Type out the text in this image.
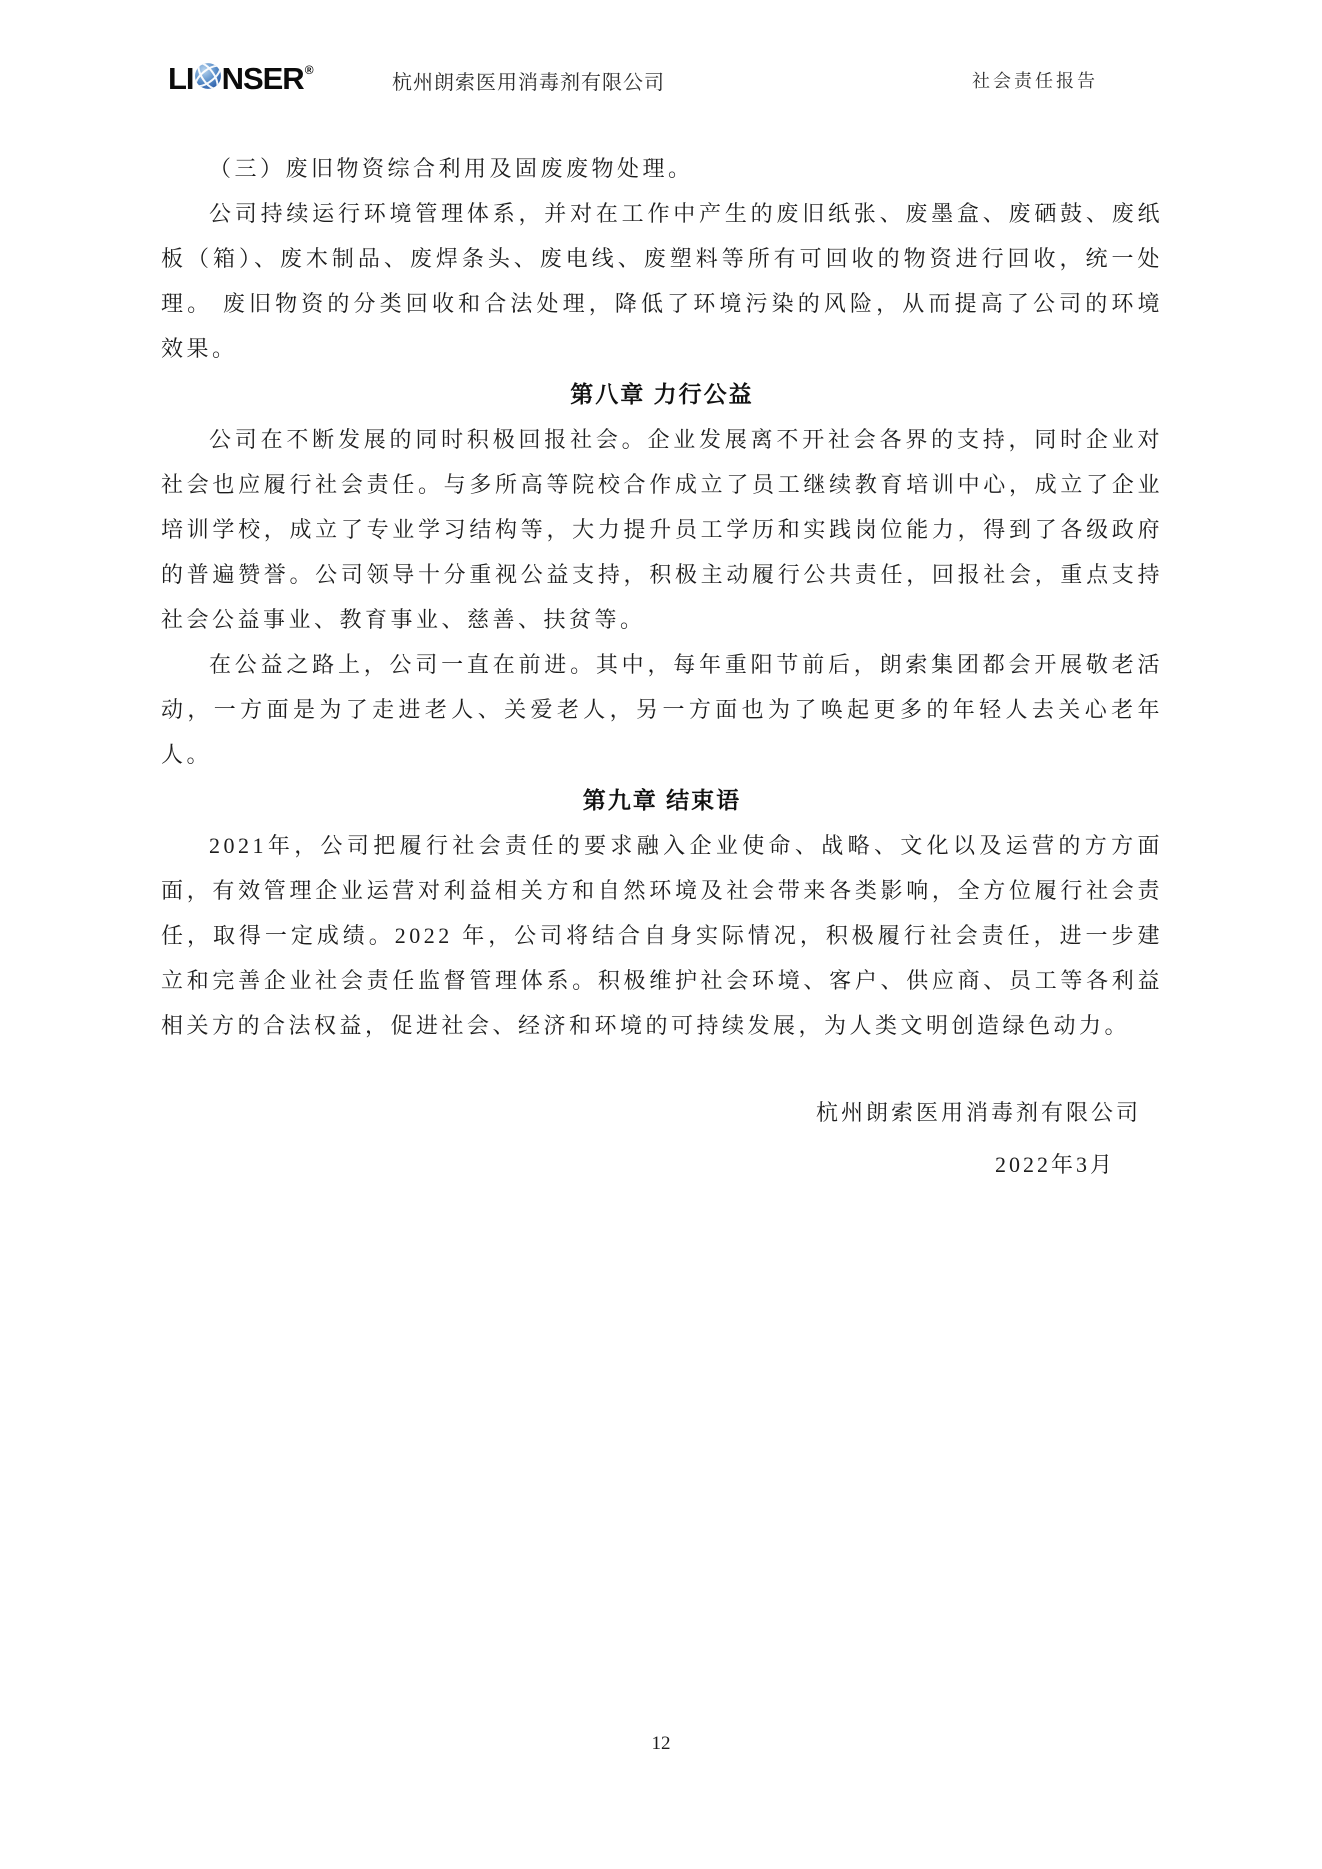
LI NSER ®
杭州朗索医用消毒剂有限公司	社会责任报告

（三）废旧物资综合利用及固废废物处理。

公司持续运行环境管理体系，并对在工作中产生的废旧纸张、废墨盒、废硒鼓、废纸板（箱）、废木制品、废焊条头、废电线、废塑料等所有可回收的物资进行回收，统一处理。 废旧物资的分类回收和合法处理，降低了环境污染的风险，从而提高了公司的环境效果。

第八章 力行公益

公司在不断发展的同时积极回报社会。企业发展离不开社会各界的支持，同时企业对社会也应履行社会责任。与多所高等院校合作成立了员工继续教育培训中心，成立了企业培训学校，成立了专业学习结构等，大力提升员工学历和实践岗位能力，得到了各级政府的普遍赞誉。公司领导十分重视公益支持，积极主动履行公共责任，回报社会，重点支持社会公益事业、教育事业、慈善、扶贫等。

在公益之路上，公司一直在前进。其中，每年重阳节前后，朗索集团都会开展敬老活动，一方面是为了走进老人、关爱老人，另一方面也为了唤起更多的年轻人去关心老年人。

第九章 结束语

2021年，公司把履行社会责任的要求融入企业使命、战略、文化以及运营的方方面面，有效管理企业运营对利益相关方和自然环境及社会带来各类影响，全方位履行社会责任，取得一定成绩。2022 年，公司将结合自身实际情况，积极履行社会责任，进一步建立和完善企业社会责任监督管理体系。积极维护社会环境、客户、供应商、员工等各利益相关方的合法权益，促进社会、经济和环境的可持续发展，为人类文明创造绿色动力。

杭州朗索医用消毒剂有限公司
2022年3月
12
